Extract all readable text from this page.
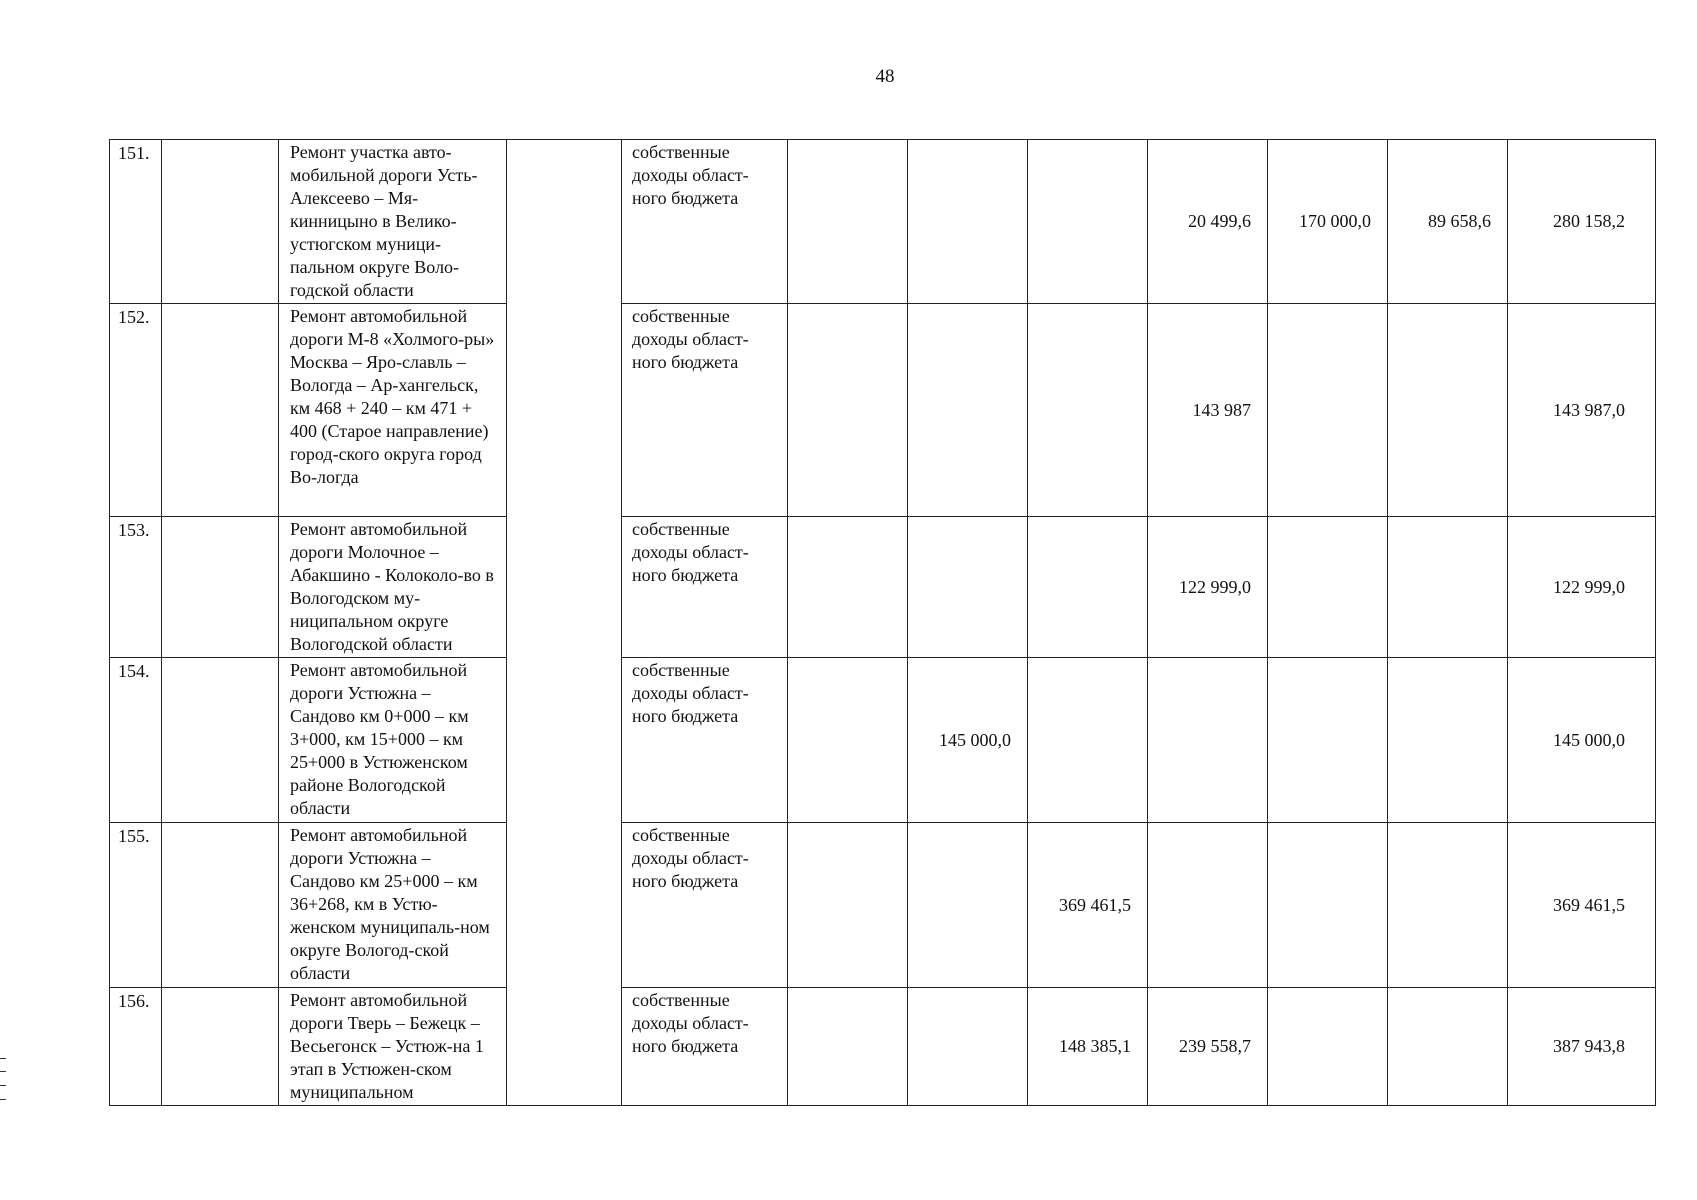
48
151.		Ремонт участка авто-мобильной дороги Усть-Алексеево – Мя-кинницыно в Велико-устюгском муници-пальном округе Воло-годской области		собственные доходы област-ного бюджета				20 499,6	170 000,0	89 658,6	280 158,2
152.		Ремонт автомобильной дороги М-8 «Холмого-ры» Москва – Яро-славль – Вологда – Ар-хангельск, км 468 + 240 – км 471 + 400 (Старое направление) город-ского округа город Во-логда		собственные доходы област-ного бюджета				143 987			143 987,0
153.		Ремонт автомобильной дороги Молочное – Абакшино - Колоколо-во в Вологодском му-ниципальном округе Вологодской области		собственные доходы област-ного бюджета				122 999,0			122 999,0
154.		Ремонт автомобильной дороги Устюжна – Сандово км 0+000 – км 3+000, км 15+000 – км 25+000 в Устюженском районе Вологодской области		собственные доходы област-ного бюджета		145 000,0					145 000,0
155.		Ремонт автомобильной дороги Устюжна – Сандово км 25+000 – км 36+268, км в Устю-женском муниципаль-ном округе Вологод-ской области		собственные доходы област-ного бюджета			369 461,5				369 461,5
156.		Ремонт автомобильной дороги Тверь – Бежецк – Весьегонск – Устюж-на 1 этап в Устюжен-ском муниципальном		собственные доходы област-ного бюджета			148 385,1	239 558,7			387 943,8
